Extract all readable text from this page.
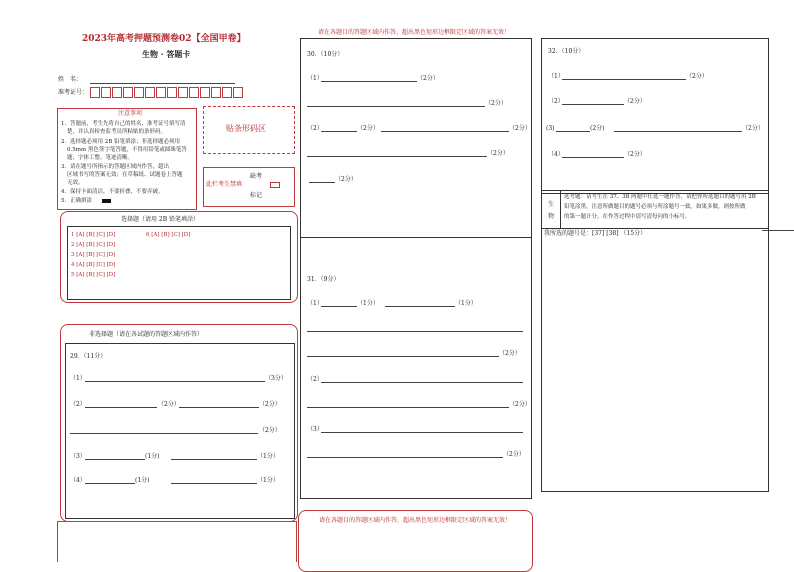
2023年高考押题预测卷02【全国甲卷】
生物 · 答题卡
姓　名：
准考证号：
注意事项
1．答题前，考生先将自己的姓名，准考证号填写清
楚，并认真检查监考员所粘贴的条形码。
2．选择题必须用 2B 铅笔填涂；非选择题必须用
0.5mm 黑色签字笔答题，不得用铅笔或圆珠笔答
题；字体工整、笔迹清晰。
3．请在题号所指示的答题区域内作答，超出
区域书写的答案无效；在草稿纸、试题卷上答题
无效。
4．保持卡面清洁，不要折叠、不要弄破。
5．正确填涂
贴条形码区
缺考
此栏考生禁填
标记
选择题（请用 2B 铅笔填涂）
1 [A] [B] [C] [D]	6 [A] [B] [C] [D]
2 [A] [B] [C] [D]
3 [A] [B] [C] [D]
4 [A] [B] [C] [D]
5 [A] [B] [C] [D]
非选择题（请在各试题的答题区域内作答）
29．（11分）
（1）	（3分）
（2）	（2分）	（2分）
（2分）
（3）	(1分)	（1分）
（4）	(1分)	（1分）
请在各题目的答题区域内作答，超出黑色矩形边框限定区域的答案无效！
30．（10分）
（1）	（2分）
（2分）
（2）	（2分）	（2分）
（2分）
（2分）
31．（9分）
（1）	（1分）	（1分）
（2分）
（2）
（2分）
（3）
（2分）
请在各题目的答题区域内作答，超出黑色矩形边框限定区域的答案无效！
32．（10分）
（1）	（2分）
（2）	（2分）
(3)	(2分)	（2分）
（4）	（2分）
生物
选考题：请考生在 37、38 两题中任选一题作答，请把你所选题目的题号用 2B
铅笔涂黑。注意所做题目的题号必须与所涂题号一致。如果多做，则按所做
的第一题计分。在作答过程中请写清每问的小标号。
我所选的题号是：[37] [38] （15分）
